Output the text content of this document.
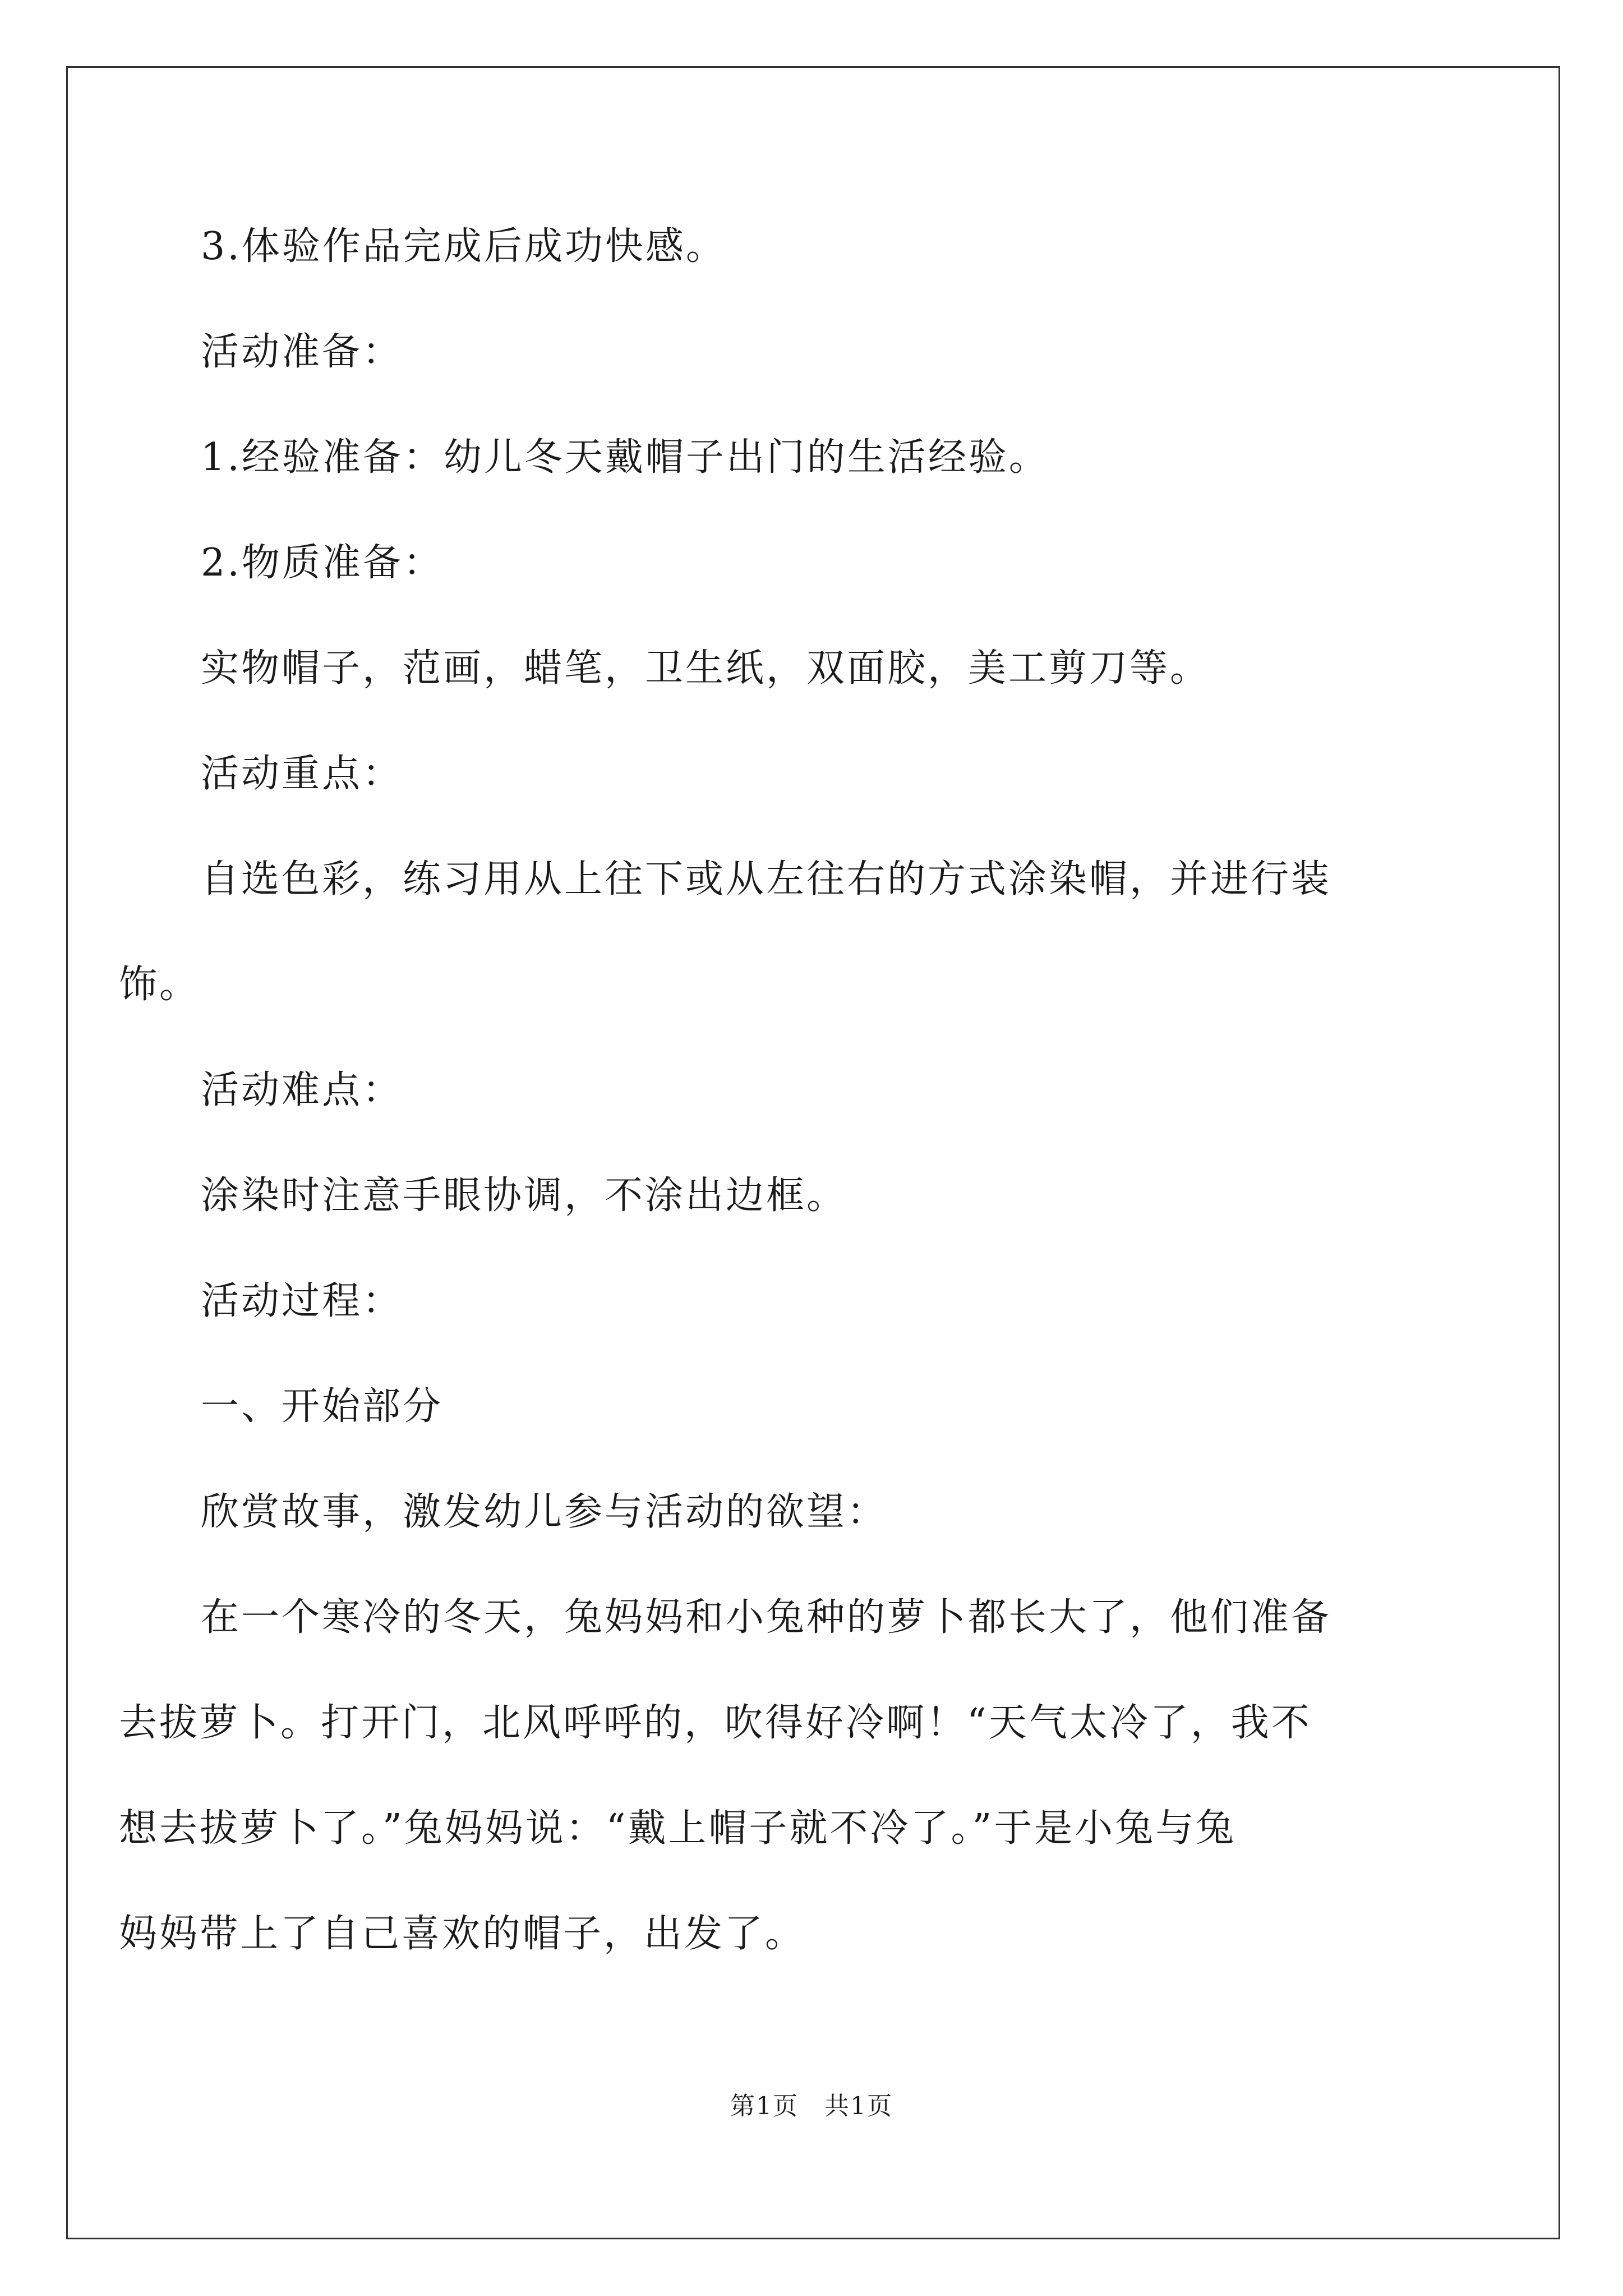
3.体验作品完成后成功快感。
活动准备：
1.经验准备：幼儿冬天戴帽子出门的生活经验。
2.物质准备：
实物帽子，范画，蜡笔，卫生纸，双面胶，美工剪刀等。
活动重点：
自选色彩，练习用从上往下或从左往右的方式涂染帽，并进行装
饰。
活动难点：
涂染时注意手眼协调，不涂出边框。
活动过程：
一、开始部分
欣赏故事，激发幼儿参与活动的欲望：
在一个寒冷的冬天，兔妈妈和小兔种的萝卜都长大了，他们准备
去拔萝卜。打开门，北风呼呼的，吹得好冷啊！“天气太冷了，我不
想去拔萝卜了。”兔妈妈说：“戴上帽子就不冷了。”于是小兔与兔
妈妈带上了自己喜欢的帽子，出发了。
第1页　共1页
